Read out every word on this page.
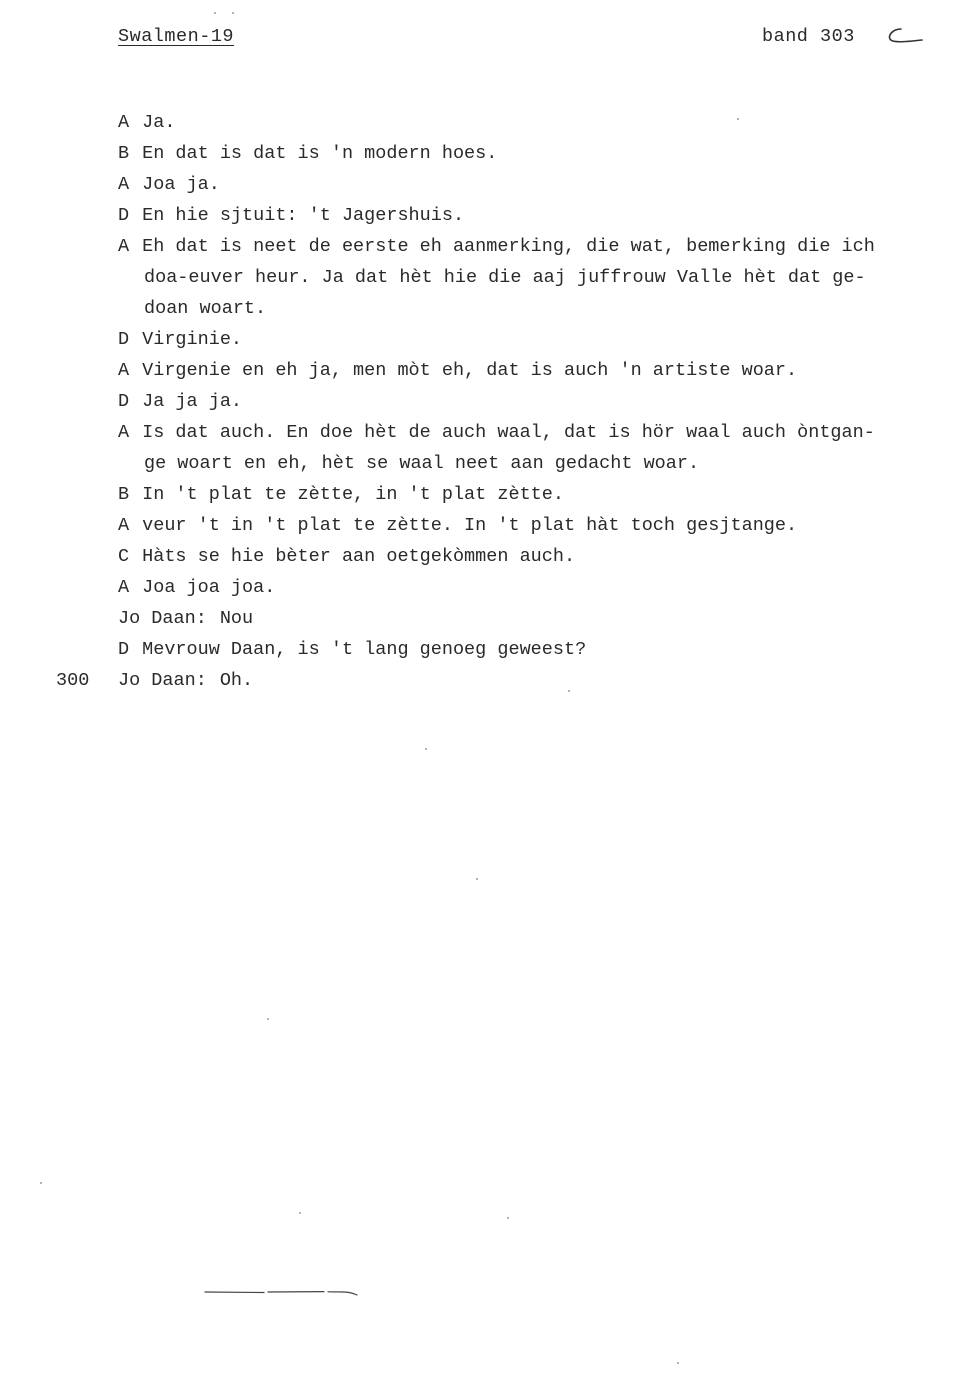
Swalmen-19	band 303
A Ja.
B En dat is dat is 'n modern hoes.
A Joa ja.
D En hie sjtuit: 't Jagershuis.
A Eh dat is neet de eerste eh aanmerking, die wat, bemerking die ich
doa-euver heur. Ja dat hèt hie die aaj juffrouw Valle hèt dat ge-
doan woart.
D Virginie.
A Virgenie en eh ja, men mòt eh, dat is auch 'n artiste woar.
D Ja ja ja.
A Is dat auch. En doe hèt de auch waal, dat is hör waal auch òntgan-
ge woart en eh, hèt se waal neet aan gedacht woar.
B In 't plat te zètte, in 't plat zètte.
A veur 't in 't plat te zètte. In 't plat hàt toch gesjtange.
C Hàts se hie bèter aan oetgekòmmen auch.
A Joa joa joa.
Jo Daan: Nou
D Mevrouw Daan, is 't lang genoeg geweest?
300 Jo Daan: Oh.
